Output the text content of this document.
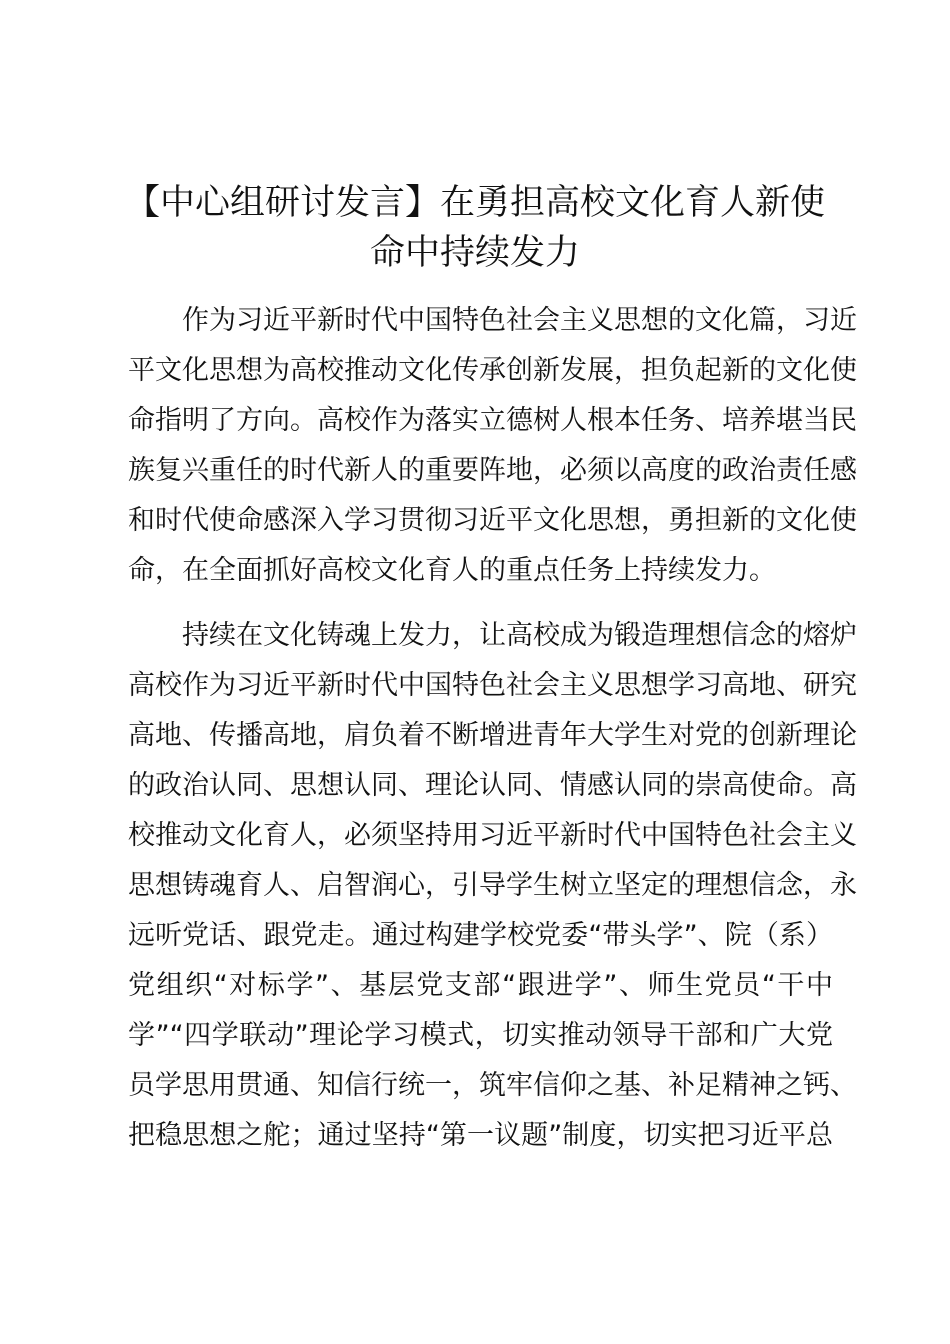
【中心组研讨发言】在勇担高校文化育人新使
命中持续发力

作为习近平新时代中国特色社会主义思想的文化篇，习近
平文化思想为高校推动文化传承创新发展，担负起新的文化使
命指明了方向。高校作为落实立德树人根本任务、培养堪当民
族复兴重任的时代新人的重要阵地，必须以高度的政治责任感
和时代使命感深入学习贯彻习近平文化思想，勇担新的文化使
命，在全面抓好高校文化育人的重点任务上持续发力。

持续在文化铸魂上发力，让高校成为锻造理想信念的熔炉
高校作为习近平新时代中国特色社会主义思想学习高地、研究
高地、传播高地，肩负着不断增进青年大学生对党的创新理论
的政治认同、思想认同、理论认同、情感认同的崇高使命。高
校推动文化育人，必须坚持用习近平新时代中国特色社会主义
思想铸魂育人、启智润心，引导学生树立坚定的理想信念，永
远听党话、跟党走。通过构建学校党委“带头学”、院（系）
党组织“对标学”、基层党支部“跟进学”、师生党员“干中
学”“四学联动”理论学习模式，切实推动领导干部和广大党
员学思用贯通、知信行统一，筑牢信仰之基、补足精神之钙、
把稳思想之舵；通过坚持“第一议题”制度，切实把习近平总
